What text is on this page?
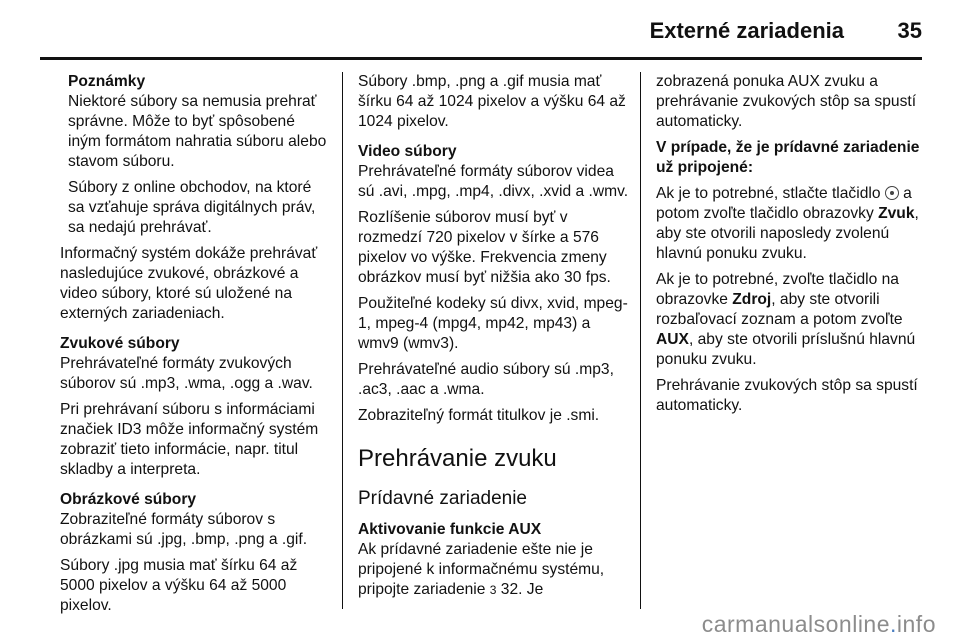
Externé zariadenia 35

Poznámky

Niektoré súbory sa nemusia prehrať správne. Môže to byť spôsobené iným formátom nahratia súboru alebo stavom súboru.

Súbory z online obchodov, na ktoré sa vzťahuje správa digitálnych práv, sa nedajú prehrávať.

Informačný systém dokáže prehrávať nasledujúce zvukové, obrázkové a video súbory, ktoré sú uložené na externých zariadeniach.

Zvukové súbory

Prehrávateľné formáty zvukových súborov sú .mp3, .wma, .ogg a .wav.

Pri prehrávaní súboru s informáciami značiek ID3 môže informačný systém zobraziť tieto informácie, napr. titul skladby a interpreta.

Obrázkové súbory

Zobraziteľné formáty súborov s obrázkami sú .jpg, .bmp, .png a .gif.

Súbory .jpg musia mať šírku 64 až 5000 pixelov a výšku 64 až 5000 pixelov.

Súbory .bmp, .png a .gif musia mať šírku 64 až 1024 pixelov a výšku 64 až 1024 pixelov.

Video súbory

Prehrávateľné formáty súborov videa sú .avi, .mpg, .mp4, .divx, .xvid a .wmv.

Rozlíšenie súborov musí byť v rozmedzí 720 pixelov v šírke a 576 pixelov vo výške. Frekvencia zmeny obrázkov musí byť nižšia ako 30 fps.

Použiteľné kodeky sú divx, xvid, mpeg-1, mpeg-4 (mpg4, mp42, mp43) a wmv9 (wmv3).

Prehrávateľné audio súbory sú .mp3, .ac3, .aac a .wma.

Zobraziteľný formát titulkov je .smi.

Prehrávanie zvuku
Prídavné zariadenie

Aktivovanie funkcie AUX

Ak prídavné zariadenie ešte nie je pripojené k informačnému systému, pripojte zariadenie 3 32. Je

zobrazená ponuka AUX zvuku a prehrávanie zvukových stôp sa spustí automaticky.

V prípade, že je prídavné zariadenie už pripojené:

Ak je to potrebné, stlačte tlačidlo  a potom zvoľte tlačidlo obrazovky Zvuk, aby ste otvorili naposledy zvolenú hlavnú ponuku zvuku.

Ak je to potrebné, zvoľte tlačidlo na obrazovke Zdroj, aby ste otvorili rozbaľovací zoznam a potom zvoľte AUX, aby ste otvorili príslušnú hlavnú ponuku zvuku.

Prehrávanie zvukových stôp sa spustí automaticky.

carmanualsonline.info
